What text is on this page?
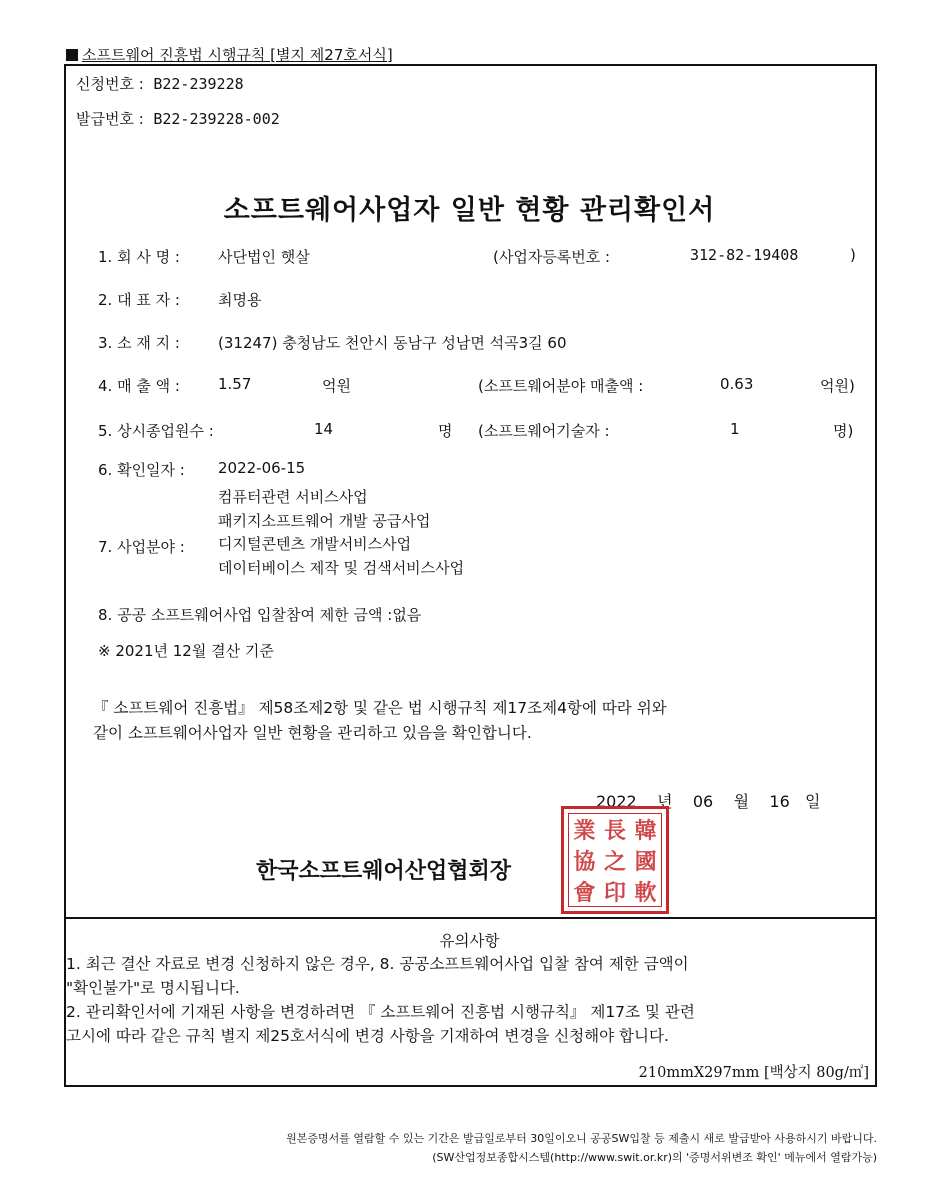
소프트웨어 진흥법 시행규칙 [별지 제27호서식]
신청번호 : B22-239228
발급번호 : B22-239228-002
소프트웨어사업자 일반 현황 관리확인서
1. 회 사 명 :	사단법인 햇살	(사업자등록번호 :	312-82-19408	)
2. 대 표 자 :	최명용
3. 소 재 지 :	(31247) 충청남도 천안시 동남구 성남면 석곡3길 60
4. 매 출 액 :	1.57	억원	(소프트웨어분야 매출액 :	0.63	억원)
5. 상시종업원수 :	14	명 (소프트웨어기술자 :	1	명)
6. 확인일자 : 2022-06-15
7. 사업분야 :
컴퓨터관련 서비스사업
패키지소프트웨어 개발 공급사업
디지털콘텐츠 개발서비스사업
데이터베이스 제작 및 검색서비스사업
8. 공공 소프트웨어사업 입찰참여 제한 금액 :없음
※ 2021년 12월 결산 기준
『 소프트웨어 진흥법』 제58조제2항 및 같은 법 시행규칙 제17조제4항에 따라 위와
같이 소프트웨어사업자 일반 현황을 관리하고 있음을 확인합니다.
2022 년 06 월 16 일
한국소프트웨어산업협회장
業 長 韓
協 之 國
會 印 軟
유의사항
1. 최근 결산 자료로 변경 신청하지 않은 경우, 8. 공공소프트웨어사업 입찰 참여 제한 금액이
"확인불가"로 명시됩니다.
2. 관리확인서에 기재된 사항을 변경하려면 『 소프트웨어 진흥법 시행규칙』 제17조 및 관련
고시에 따라 같은 규칙 별지 제25호서식에 변경 사항을 기재하여 변경을 신청해야 합니다.
210mmX297mm [백상지 80g/㎡]
원본증명서를 열람할 수 있는 기간은 발급일로부터 30일이오니 공공SW입찰 등 제출시 새로 발급받아 사용하시기 바랍니다.
(SW산업정보종합시스템(http://www.swit.or.kr)의 '증명서위변조 확인' 메뉴에서 열람가능)
